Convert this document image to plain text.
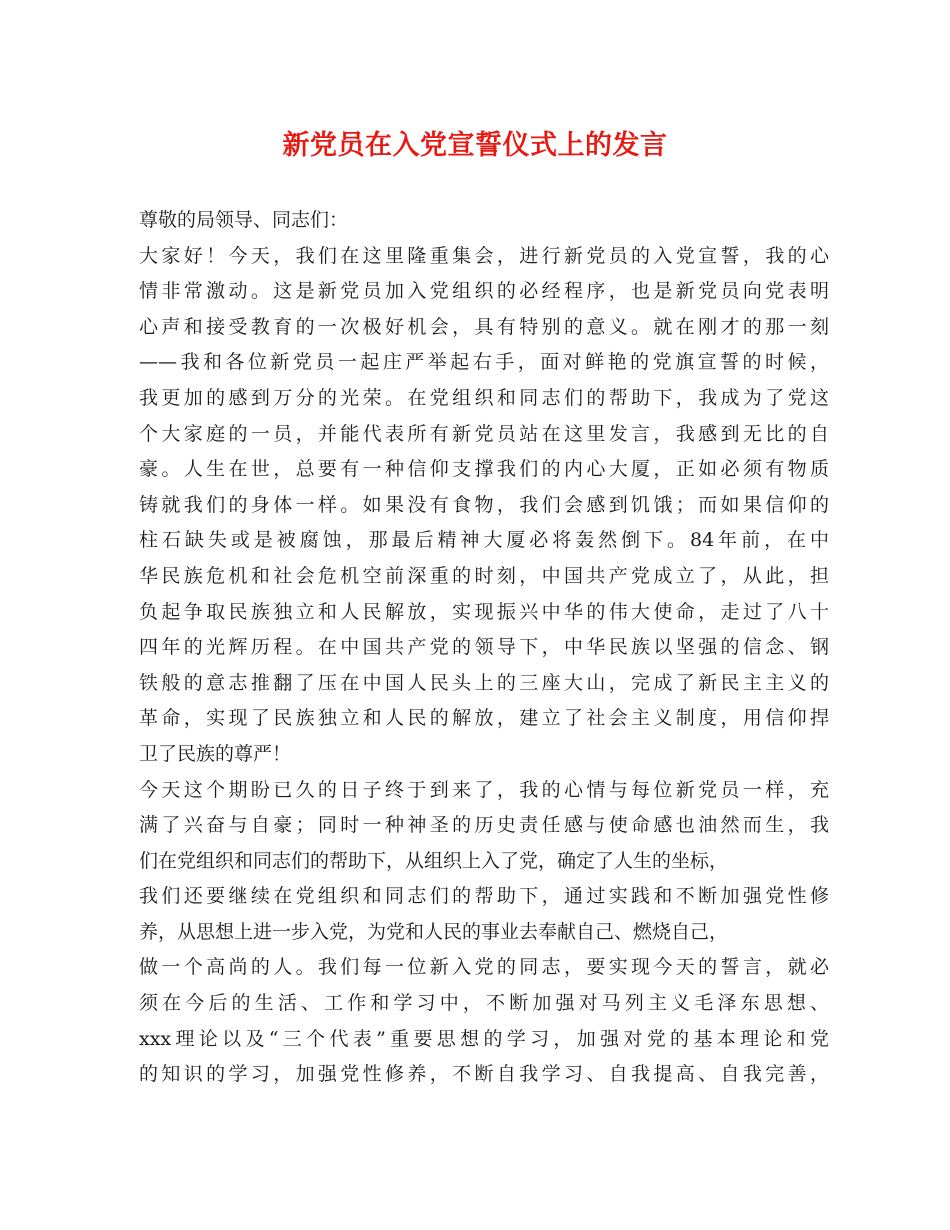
新党员在入党宣誓仪式上的发言
尊敬的局领导、同志们：
大家好！今天，我们在这里隆重集会，进行新党员的入党宣誓，我的心
情非常激动。这是新党员加入党组织的必经程序，也是新党员向党表明
心声和接受教育的一次极好机会，具有特别的意义。就在刚才的那一刻
——我和各位新党员一起庄严举起右手，面对鲜艳的党旗宣誓的时候，
我更加的感到万分的光荣。在党组织和同志们的帮助下，我成为了党这
个大家庭的一员，并能代表所有新党员站在这里发言，我感到无比的自
豪。人生在世，总要有一种信仰支撑我们的内心大厦，正如必须有物质
铸就我们的身体一样。如果没有食物，我们会感到饥饿；而如果信仰的
柱石缺失或是被腐蚀，那最后精神大厦必将轰然倒下。84年前，在中
华民族危机和社会危机空前深重的时刻，中国共产党成立了，从此，担
负起争取民族独立和人民解放，实现振兴中华的伟大使命，走过了八十
四年的光辉历程。在中国共产党的领导下，中华民族以坚强的信念、钢
铁般的意志推翻了压在中国人民头上的三座大山，完成了新民主主义的
革命，实现了民族独立和人民的解放，建立了社会主义制度，用信仰捍
卫了民族的尊严！
今天这个期盼已久的日子终于到来了，我的心情与每位新党员一样，充
满了兴奋与自豪；同时一种神圣的历史责任感与使命感也油然而生，我
们在党组织和同志们的帮助下，从组织上入了党，确定了人生的坐标，
我们还要继续在党组织和同志们的帮助下，通过实践和不断加强党性修
养，从思想上进一步入党，为党和人民的事业去奉献自己、燃烧自己，
做一个高尚的人。我们每一位新入党的同志，要实现今天的誓言，就必
须在今后的生活、工作和学习中，不断加强对马列主义毛泽东思想、
xxx理论以及“三个代表”重要思想的学习，加强对党的基本理论和党
的知识的学习，加强党性修养，不断自我学习、自我提高、自我完善，
